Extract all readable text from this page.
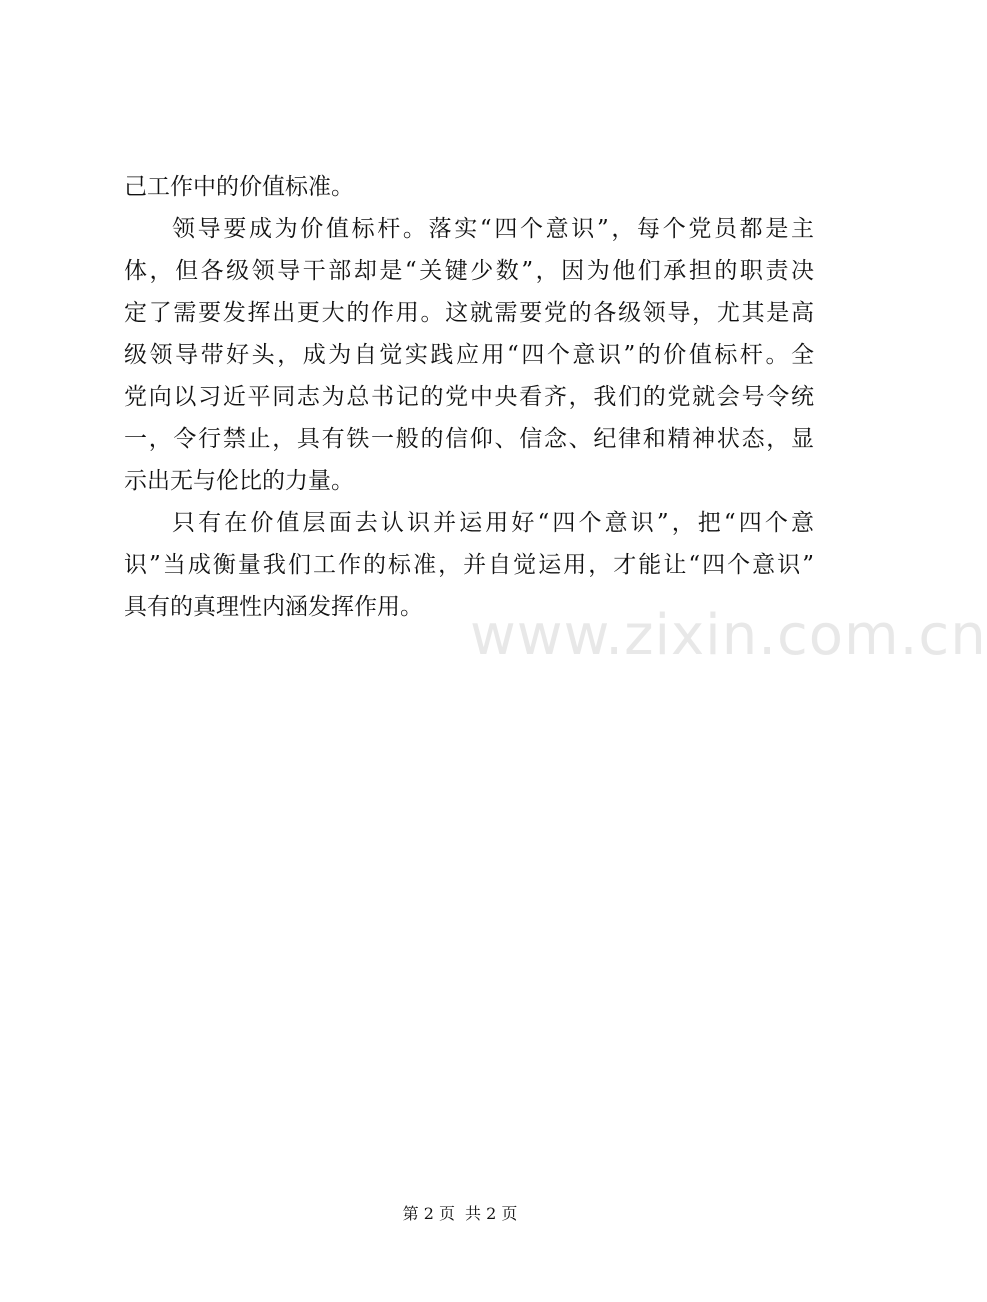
己工作中的价值标准。
领导要成为价值标杆。落实“四个意识”，每个党员都是主
体，但各级领导干部却是“关键少数”，因为他们承担的职责决
定了需要发挥出更大的作用。这就需要党的各级领导，尤其是高
级领导带好头，成为自觉实践应用“四个意识”的价值标杆。全
党向以习近平同志为总书记的党中央看齐，我们的党就会号令统
一，令行禁止，具有铁一般的信仰、信念、纪律和精神状态，显
示出无与伦比的力量。
只有在价值层面去认识并运用好“四个意识”，把“四个意
识”当成衡量我们工作的标准，并自觉运用，才能让“四个意识”
具有的真理性内涵发挥作用。 www.zixin.com.cn
第 2 页 共 2 页
